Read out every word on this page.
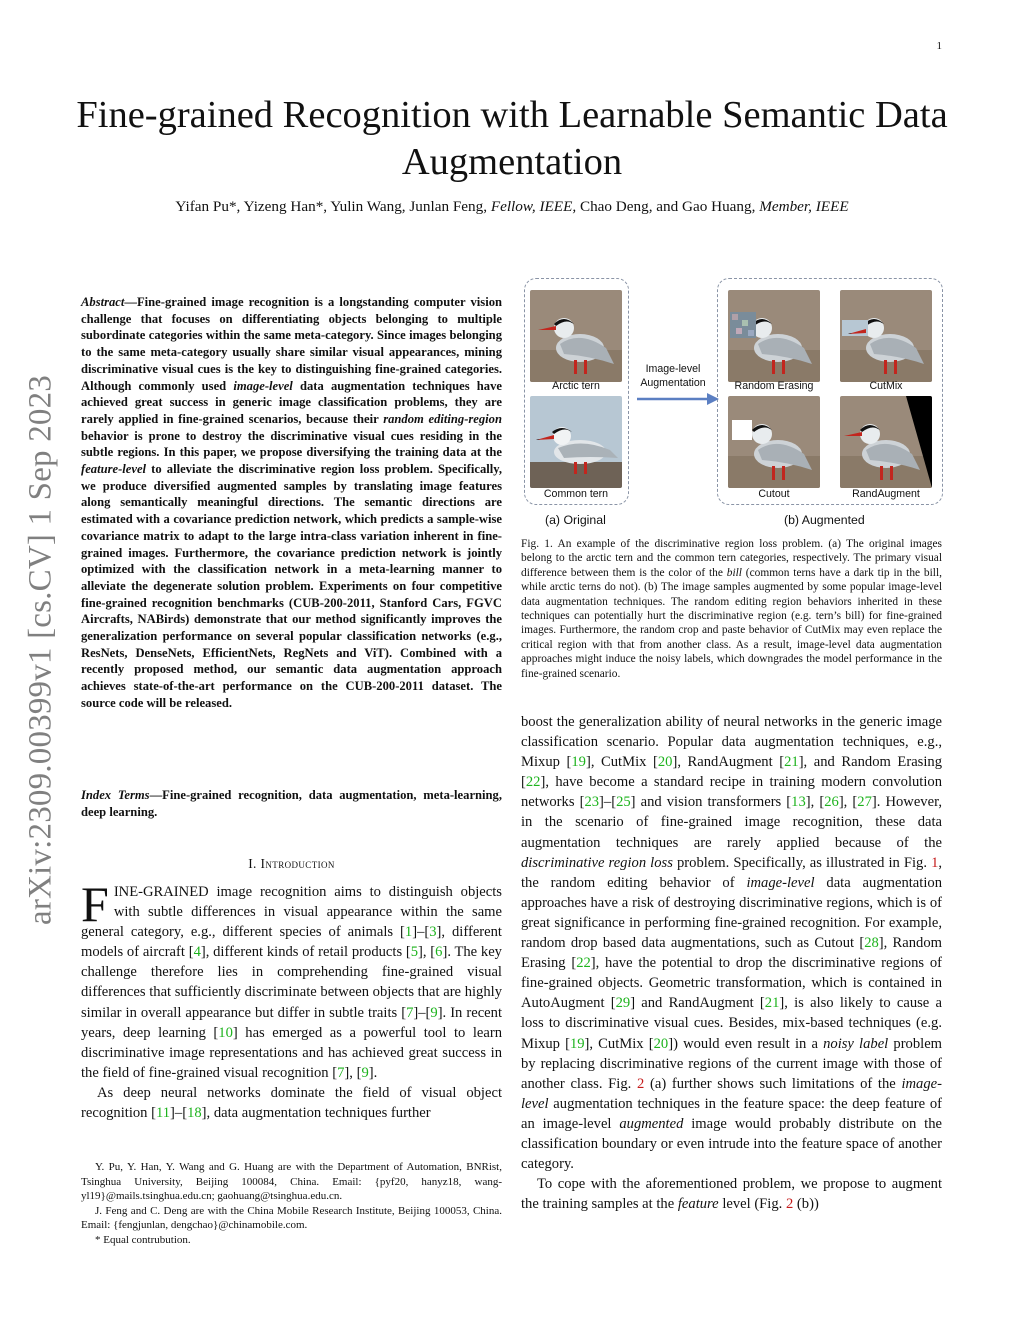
1
arXiv:2309.00399v1 [cs.CV] 1 Sep 2023
Fine-grained Recognition with Learnable Semantic Data Augmentation
Yifan Pu*, Yizeng Han*, Yulin Wang, Junlan Feng, Fellow, IEEE, Chao Deng, and Gao Huang, Member, IEEE
Abstract—Fine-grained image recognition is a longstanding computer vision challenge that focuses on differentiating objects belonging to multiple subordinate categories within the same meta-category. Since images belonging to the same meta-category usually share similar visual appearances, mining discriminative visual cues is the key to distinguishing fine-grained categories. Although commonly used image-level data augmentation techniques have achieved great success in generic image classification problems, they are rarely applied in fine-grained scenarios, because their random editing-region behavior is prone to destroy the discriminative visual cues residing in the subtle regions. In this paper, we propose diversifying the training data at the feature-level to alleviate the discriminative region loss problem. Specifically, we produce diversified augmented samples by translating image features along semantically meaningful directions. The semantic directions are estimated with a covariance prediction network, which predicts a sample-wise covariance matrix to adapt to the large intra-class variation inherent in fine-grained images. Furthermore, the covariance prediction network is jointly optimized with the classification network in a meta-learning manner to alleviate the degenerate solution problem. Experiments on four competitive fine-grained recognition benchmarks (CUB-200-2011, Stanford Cars, FGVC Aircrafts, NABirds) demonstrate that our method significantly improves the generalization performance on several popular classification networks (e.g., ResNets, DenseNets, EfficientNets, RegNets and ViT). Combined with a recently proposed method, our semantic data augmentation approach achieves state-of-the-art performance on the CUB-200-2011 dataset. The source code will be released.
Index Terms—Fine-grained recognition, data augmentation, meta-learning, deep learning.
I. Introduction

FINE-GRAINED image recognition aims to distinguish objects with subtle differences in visual appearance within the same general category, e.g., different species of animals [1]–[3], different models of aircraft [4], different kinds of retail products [5], [6]. The key challenge therefore lies in comprehending fine-grained visual differences that sufficiently discriminate between objects that are highly similar in overall appearance but differ in subtle traits [7]–[9]. In recent years, deep learning [10] has emerged as a powerful tool to learn discriminative image representations and has achieved great success in the field of fine-grained visual recognition [7], [9].

As deep neural networks dominate the field of visual object recognition [11]–[18], data augmentation techniques further

Y. Pu, Y. Han, Y. Wang and G. Huang are with the Department of Automation, BNRist, Tsinghua University, Beijing 100084, China. Email: {pyf20, hanyz18, wang-yl19}@mails.tsinghua.edu.cn; gaohuang@tsinghua.edu.cn.

J. Feng and C. Deng are with the China Mobile Research Institute, Beijing 100053, China. Email: {fengjunlan, dengchao}@chinamobile.com.

* Equal contrubution.

Arctic tern
Common tern
Image-level
Augmentation	Random Erasing	CutMix
Cutout	RandAugment
(a) Original	(b) Augmented
Fig. 1. An example of the discriminative region loss problem. (a) The original images belong to the arctic tern and the common tern categories, respectively. The primary visual difference between them is the color of the bill (common terns have a dark tip in the bill, while arctic terns do not). (b) The image samples augmented by some popular image-level data augmentation techniques. The random editing region behaviors inherited in these techniques can potentially hurt the discriminative region (e.g. tern’s bill) for fine-grained images. Furthermore, the random crop and paste behavior of CutMix may even replace the critical region with that from another class. As a result, image-level data augmentation approaches might induce the noisy labels, which downgrades the model performance in the fine-grained scenario.

boost the generalization ability of neural networks in the generic image classification scenario. Popular data augmentation techniques, e.g., Mixup [19], CutMix [20], RandAugment [21], and Random Erasing [22], have become a standard recipe in training modern convolution networks [23]–[25] and vision transformers [13], [26], [27]. However, in the scenario of fine-grained image recognition, these data augmentation techniques are rarely applied because of the discriminative region loss problem. Specifically, as illustrated in Fig. 1, the random editing behavior of image-level data augmentation approaches have a risk of destroying discriminative regions, which is of great significance in performing fine-grained recognition. For example, random drop based data augmentations, such as Cutout [28], Random Erasing [22], have the potential to drop the discriminative regions of fine-grained objects. Geometric transformation, which is contained in AutoAugment [29] and RandAugment [21], is also likely to cause a loss to discriminative visual cues. Besides, mix-based techniques (e.g. Mixup [19], CutMix [20]) would even result in a noisy label problem by replacing discriminative regions of the current image with those of another class. Fig. 2 (a) further shows such limitations of the image-level augmentation techniques in the feature space: the deep feature of an image-level augmented image would probably distribute on the classification boundary or even intrude into the feature space of another category.

To cope with the aforementioned problem, we propose to augment the training samples at the feature level (Fig. 2 (b))
